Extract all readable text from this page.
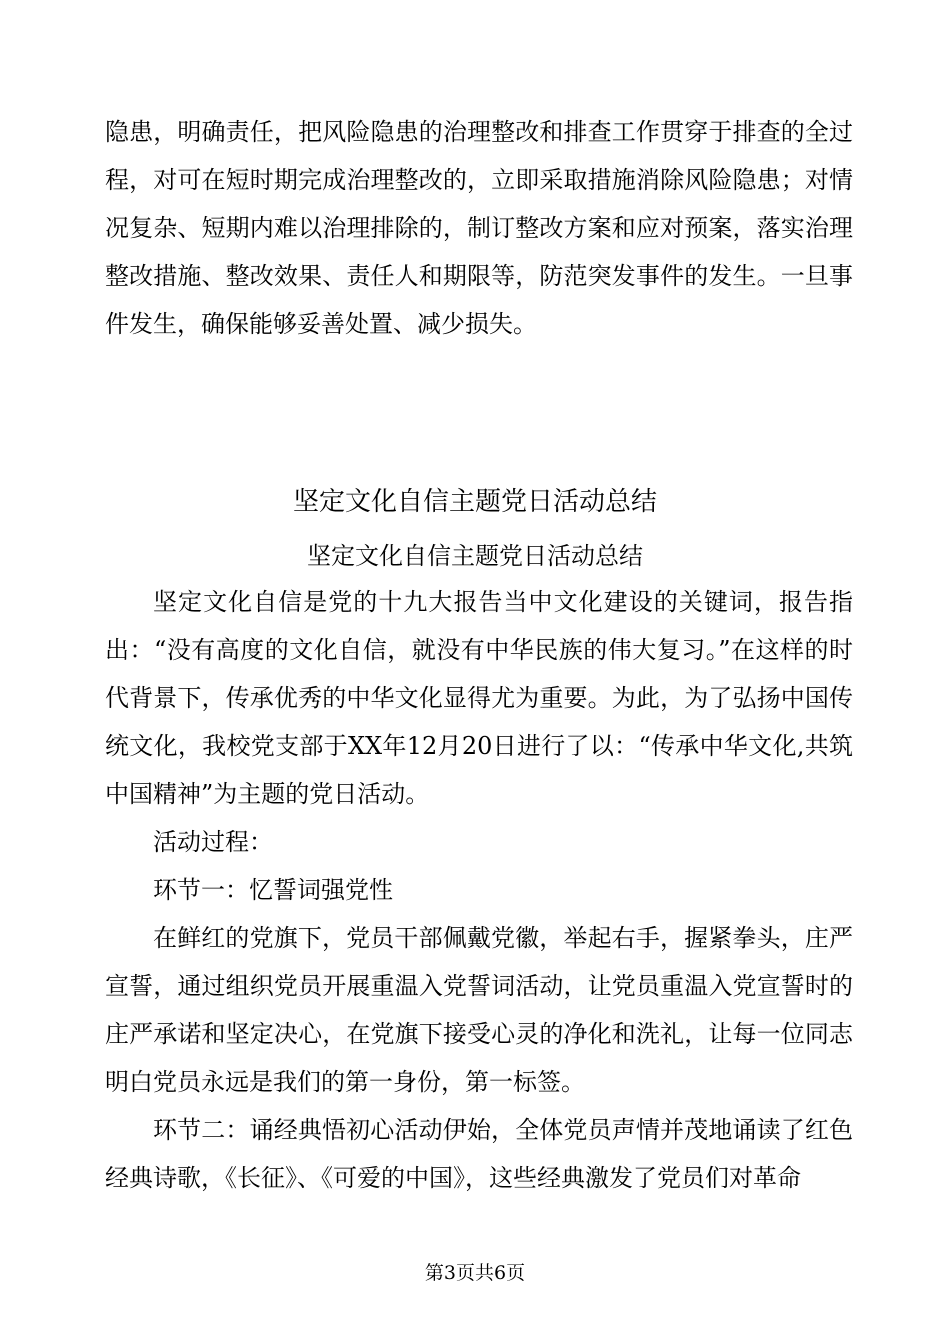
隐患，明确责任，把风险隐患的治理整改和排查工作贯穿于排查的全过程，对可在短时期完成治理整改的，立即采取措施消除风险隐患；对情况复杂、短期内难以治理排除的，制订整改方案和应对预案，落实治理整改措施、整改效果、责任人和期限等，防范突发事件的发生。一旦事件发生，确保能够妥善处置、减少损失。

坚定文化自信主题党日活动总结
坚定文化自信主题党日活动总结

坚定文化自信是党的十九大报告当中文化建设的关键词，报告指出：“没有高度的文化自信，就没有中华民族的伟大复习。”在这样的时代背景下，传承优秀的中华文化显得尤为重要。为此，为了弘扬中国传统文化，我校党支部于XX年12月20日进行了以：“传承中华文化,共筑中国精神”为主题的党日活动。

活动过程：

环节一：忆誓词强党性

在鲜红的党旗下，党员干部佩戴党徽，举起右手，握紧拳头，庄严宣誓，通过组织党员开展重温入党誓词活动，让党员重温入党宣誓时的庄严承诺和坚定决心，在党旗下接受心灵的净化和洗礼，让每一位同志明白党员永远是我们的第一身份，第一标签。

环节二：诵经典悟初心活动伊始，全体党员声情并茂地诵读了红色经典诗歌，《长征》、《可爱的中国》，这些经典激发了党员们对革命

第3页共6页
